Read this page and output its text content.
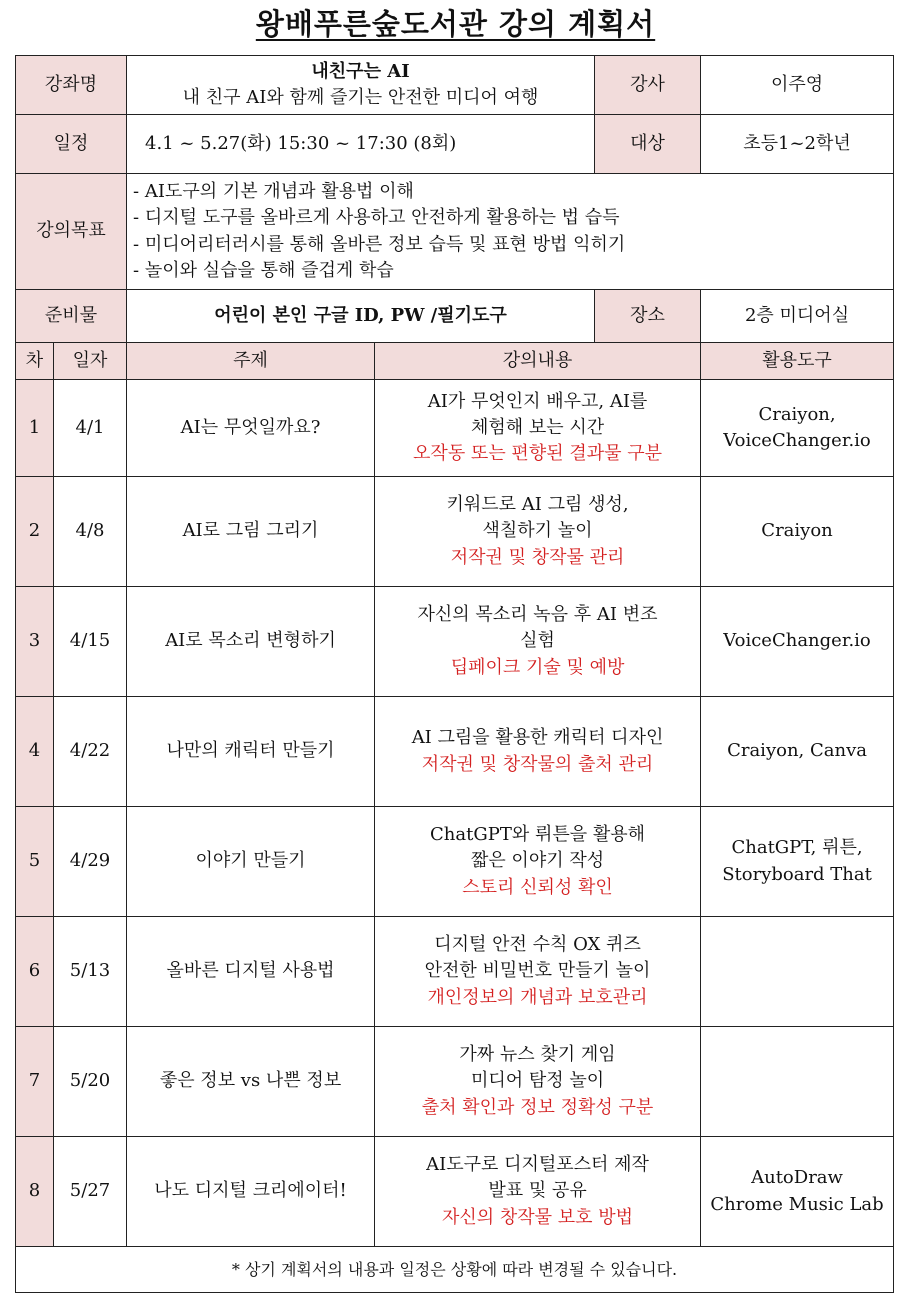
왕배푸른숲도서관 강의 계획서
강좌명		내친구는 AI
내 친구 AI와 함께 즐기는 안전한 미디어 여행		강사	이주영
일정		4.1 ~ 5.27(화) 15:30 ~ 17:30 (8회)		대상	초등1~2학년
강의목표		- AI도구의 기본 개념과 활용법 이해
- 디지털 도구를 올바르게 사용하고 안전하게 활용하는 법 습득
- 미디어리터러시를 통해 올바른 정보 습득 및 표현 방법 익히기
- 놀이와 실습을 통해 즐겁게 학습			

준비물		어린이 본인 구글 ID, PW /필기도구		장소	2층 미디어실
차	일자	주제	강의내용		활용도구
1	4/1	AI는 무엇일까요?	AI가 무엇인지 배우고, AI를
체험해 보는 시간
오작동 또는 편향된 결과물 구분		Craiyon,
VoiceChanger.io

2	4/8	AI로 그림 그리기	키워드로 AI 그림 생성,
색칠하기 놀이
저작권 및 창작물 관리		Craiyon

3	4/15	AI로 목소리 변형하기	자신의 목소리 녹음 후 AI 변조
실험
딥페이크 기술 및 예방		VoiceChanger.io

4	4/22	나만의 캐릭터 만들기	AI 그림을 활용한 캐릭터 디자인
저작권 및 창작물의 출처 관리		Craiyon, Canva

5	4/29	이야기 만들기	ChatGPT와 뤼튼을 활용해
짧은 이야기 작성
스토리 신뢰성 확인		ChatGPT, 뤼튼,
Storyboard That

6	5/13	올바른 디지털 사용법	디지털 안전 수칙 OX 퀴즈
안전한 비밀번호 만들기 놀이
개인정보의 개념과 보호관리		

7	5/20	좋은 정보 vs 나쁜 정보	가짜 뉴스 찾기 게임
미디어 탐정 놀이
출처 확인과 정보 정확성 구분		

8	5/27	나도 디지털 크리에이터!	AI도구로 디지털포스터 제작
발표 및 공유
자신의 창작물 보호 방법		AutoDraw
Chrome Music Lab

* 상기 계획서의 내용과 일정은 상황에 따라 변경될 수 있습니다.					
